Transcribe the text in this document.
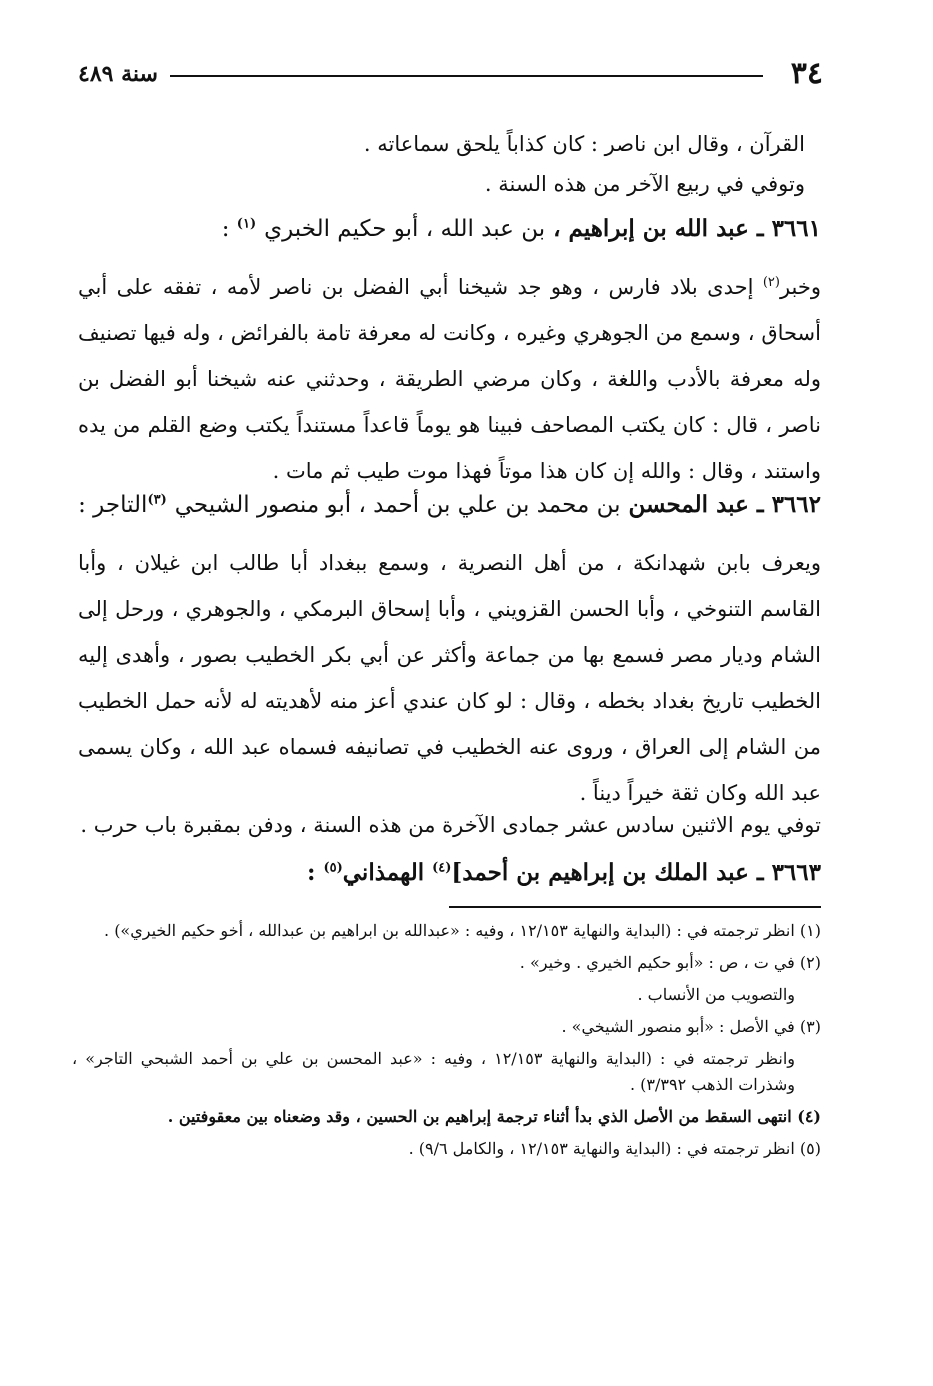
٣٤
سنة ٤٨٩
القرآن ، وقال ابن ناصر : كان كذاباً يلحق سماعاته .
وتوفي في ربيع الآخر من هذه السنة .
٣٦٦١ ـ عبد الله بن إبراهيم ، بن عبد الله ، أبو حكيم الخبري $^{(١)}$ :
وخبر$^{(٢)}$ إحدى بلاد فارس ، وهو جد شيخنا أبي الفضل بن ناصر لأمه ، تفقه على أبي أسحاق ، وسمع من الجوهري وغيره ، وكانت له معرفة تامة بالفرائض ، وله فيها تصنيف وله معرفة بالأدب واللغة ، وكان مرضي الطريقة ، وحدثني عنه شيخنا أبو الفضل بن ناصر ، قال : كان يكتب المصاحف فبينا هو يوماً قاعداً مستنداً يكتب وضع القلم من يده واستند ، وقال : والله إن كان هذا موتاً فهذا موت طيب ثم مات .
٣٦٦٢ ـ عبد المحسن بن محمد بن علي بن أحمد ، أبو منصور الشيحي $^{(٣)}$التاجر :
ويعرف بابن شهدانكة ، من أهل النصرية ، وسمع ببغداد أبا طالب ابن غيلان ، وأبا القاسم التنوخي ، وأبا الحسن القزويني ، وأبا إسحاق البرمكي ، والجوهري ، ورحل إلى الشام وديار مصر فسمع بها من جماعة وأكثر عن أبي بكر الخطيب بصور ، وأهدى إليه الخطيب تاريخ بغداد بخطه ، وقال : لو كان عندي أعز منه لأهديته له لأنه حمل الخطيب من الشام إلى العراق ، وروى عنه الخطيب في تصانيفه فسماه عبد الله ، وكان يسمى عبد الله وكان ثقة خيراً ديناً .
توفي يوم الاثنين سادس عشر جمادى الآخرة من هذه السنة ، ودفن بمقبرة باب حرب .
٣٦٦٣ ـ عبد الملك بن إبراهيم بن أحمد]$^{(٤)}$ الهمذاني$^{(٥)}$ :
(١) انظر ترجمته في : (البداية والنهاية ١٢/١٥٣ ، وفيه : «عبدالله بن ابراهيم بن عبدالله ، أخو حكيم الخيري») .
(٢) في ت ، ص : «أبو حكيم الخيري . وخير» .
والتصويب من الأنساب .
(٣) في الأصل : «أبو منصور الشيخي» .
وانظر ترجمته في : (البداية والنهاية ١٢/١٥٣ ، وفيه : «عبد المحسن بن علي بن أحمد الشبحي التاجر» ، وشذرات الذهب ٣/٣٩٢) .
(٤) انتهى السقط من الأصل الذي بدأ أثناء ترجمة إبراهيم بن الحسين ، وقد وضعناه بين معقوفتين .
(٥) انظر ترجمته في : (البداية والنهاية ١٢/١٥٣ ، والكامل ٩/٦) .
